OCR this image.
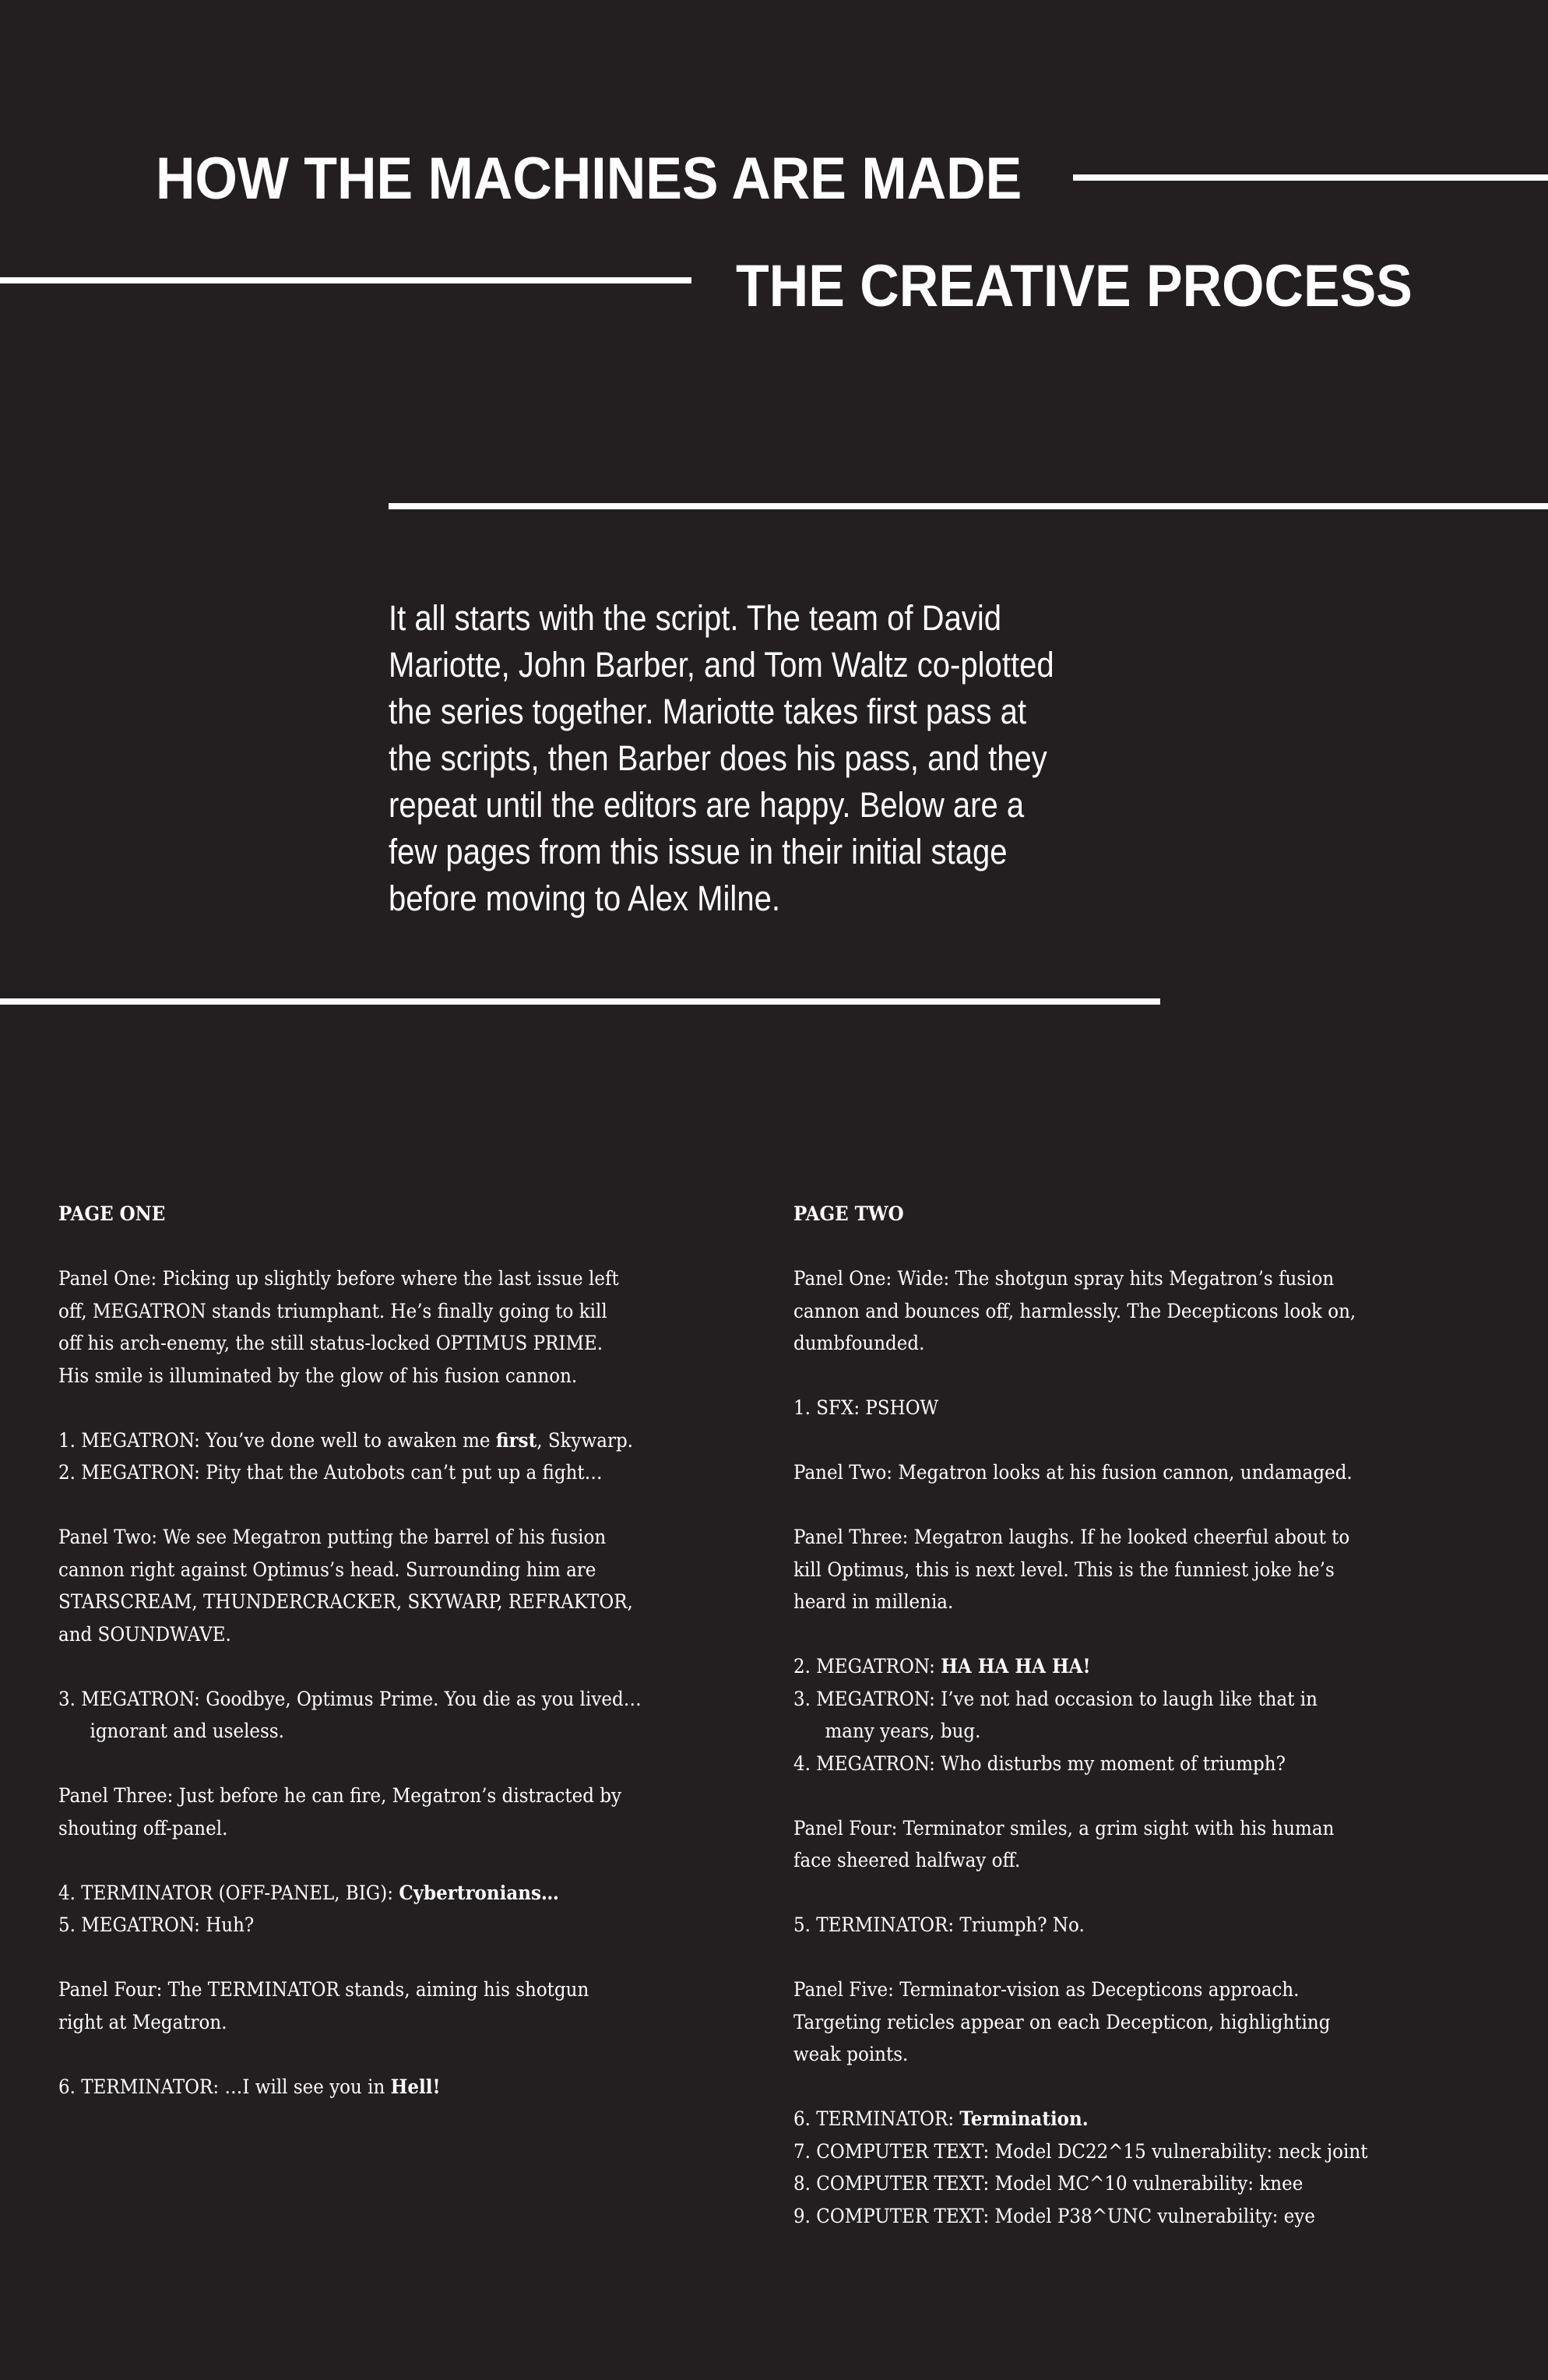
HOW THE MACHINES ARE MADE
THE CREATIVE PROCESS
It all starts with the script. The team of David
Mariotte, John Barber, and Tom Waltz co-plotted
the series together. Mariotte takes first pass at
the scripts, then Barber does his pass, and they
repeat until the editors are happy. Below are a
few pages from this issue in their initial stage
before moving to Alex Milne.
PAGE ONE
Panel One: Picking up slightly before where the last issue left
off, MEGATRON stands triumphant. He’s finally going to kill
off his arch-enemy, the still status-locked OPTIMUS PRIME.
His smile is illuminated by the glow of his fusion cannon.
1. MEGATRON: You’ve done well to awaken me first, Skywarp.
2. MEGATRON: Pity that the Autobots can’t put up a fight…
Panel Two: We see Megatron putting the barrel of his fusion
cannon right against Optimus’s head. Surrounding him are
STARSCREAM, THUNDERCRACKER, SKYWARP, REFRAKTOR,
and SOUNDWAVE.
3. MEGATRON: Goodbye, Optimus Prime. You die as you lived…
ignorant and useless.
Panel Three: Just before he can fire, Megatron’s distracted by
shouting off-panel.
4. TERMINATOR (OFF-PANEL, BIG): Cybertronians…
5. MEGATRON: Huh?
Panel Four: The TERMINATOR stands, aiming his shotgun
right at Megatron.
6. TERMINATOR: …I will see you in Hell!
PAGE TWO
Panel One: Wide: The shotgun spray hits Megatron’s fusion
cannon and bounces off, harmlessly. The Decepticons look on,
dumbfounded.
1. SFX: PSHOW
Panel Two: Megatron looks at his fusion cannon, undamaged.
Panel Three: Megatron laughs. If he looked cheerful about to
kill Optimus, this is next level. This is the funniest joke he’s
heard in millenia.
2. MEGATRON: HA HA HA HA!
3. MEGATRON: I’ve not had occasion to laugh like that in
many years, bug.
4. MEGATRON: Who disturbs my moment of triumph?
Panel Four: Terminator smiles, a grim sight with his human
face sheered halfway off.
5. TERMINATOR: Triumph? No.
Panel Five: Terminator-vision as Decepticons approach.
Targeting reticles appear on each Decepticon, highlighting
weak points.
6. TERMINATOR: Termination.
7. COMPUTER TEXT: Model DC22^15 vulnerability: neck joint
8. COMPUTER TEXT: Model MC^10 vulnerability: knee
9. COMPUTER TEXT: Model P38^UNC vulnerability: eye
